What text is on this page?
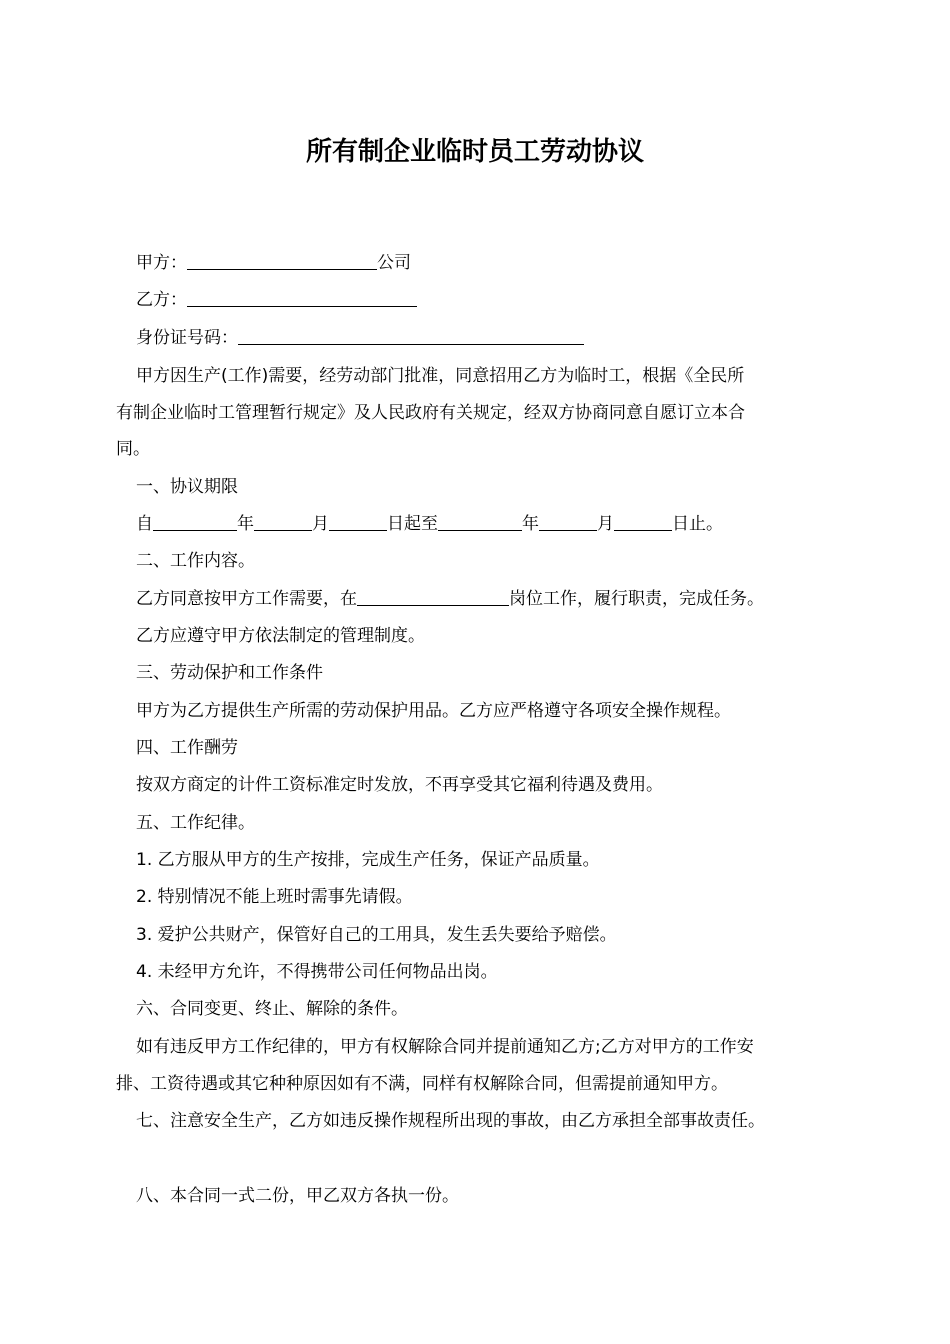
所有制企业临时员工劳动协议
甲方：	公司
乙方：
身份证号码：
甲方因生产(工作)需要，经劳动部门批准，同意招用乙方为临时工，根据《全民所
有制企业临时工管理暂行规定》及人民政府有关规定，经双方协商同意自愿订立本合
同。
一、协议期限
自	年	月	日起至	年	月	日止。
二、工作内容。
乙方同意按甲方工作需要，在	岗位工作，履行职责，完成任务。
乙方应遵守甲方依法制定的管理制度。
三、劳动保护和工作条件
甲方为乙方提供生产所需的劳动保护用品。乙方应严格遵守各项安全操作规程。
四、工作酬劳
按双方商定的计件工资标准定时发放，不再享受其它福利待遇及费用。
五、工作纪律。
1. 乙方服从甲方的生产按排，完成生产任务，保证产品质量。
2. 特别情况不能上班时需事先请假。
3. 爱护公共财产，保管好自己的工用具，发生丢失要给予赔偿。
4. 未经甲方允许，不得携带公司任何物品出岗。
六、合同变更、终止、解除的条件。
如有违反甲方工作纪律的，甲方有权解除合同并提前通知乙方;乙方对甲方的工作安
排、工资待遇或其它种种原因如有不满，同样有权解除合同，但需提前通知甲方。
七、注意安全生产，乙方如违反操作规程所出现的事故，由乙方承担全部事故责任。
八、本合同一式二份，甲乙双方各执一份。
